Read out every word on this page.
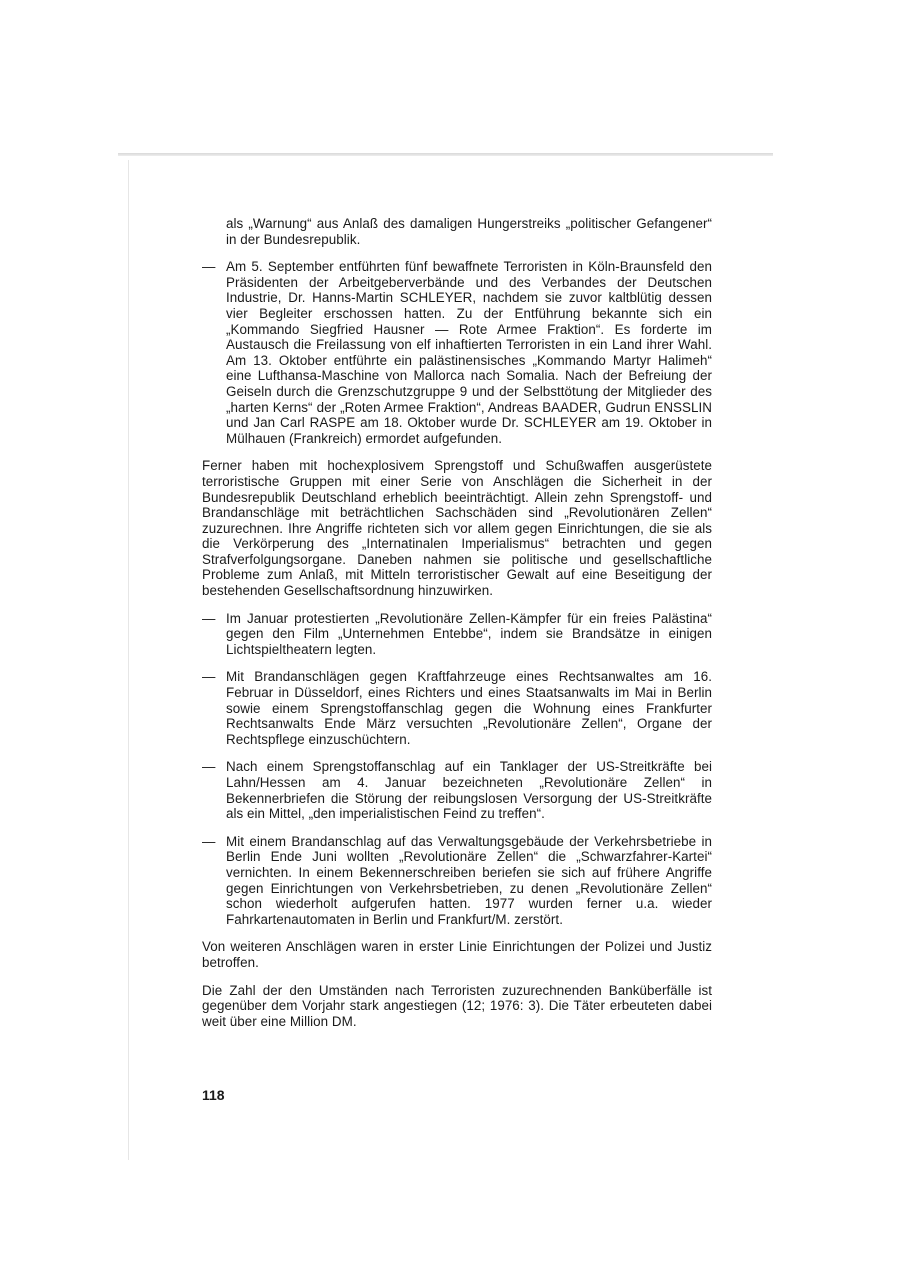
als „Warnung“ aus Anlaß des damaligen Hungerstreiks „politischer Gefangener“ in der Bundesrepublik.

— Am 5. September entführten fünf bewaffnete Terroristen in Köln-Braunsfeld den Präsidenten der Arbeitgeberverbände und des Verbandes der Deutschen Industrie, Dr. Hanns-Martin SCHLEYER, nachdem sie zuvor kaltblütig dessen vier Begleiter erschossen hatten. Zu der Entführung bekannte sich ein „Kommando Siegfried Hausner — Rote Armee Fraktion“. Es forderte im Austausch die Freilassung von elf inhaftierten Terroristen in ein Land ihrer Wahl. Am 13. Oktober entführte ein palästinensisches „Kommando Martyr Halimeh“ eine Lufthansa-Maschine von Mallorca nach Somalia. Nach der Befreiung der Geiseln durch die Grenzschutzgruppe 9 und der Selbsttötung der Mitglieder des „harten Kerns“ der „Roten Armee Fraktion“, Andreas BAADER, Gudrun ENSSLIN und Jan Carl RASPE am 18. Oktober wurde Dr. SCHLEYER am 19. Oktober in Mülhauen (Frankreich) ermordet aufgefunden.

Ferner haben mit hochexplosivem Sprengstoff und Schußwaffen ausgerüstete terroristische Gruppen mit einer Serie von Anschlägen die Sicherheit in der Bundesrepublik Deutschland erheblich beeinträchtigt. Allein zehn Sprengstoff- und Brandanschläge mit beträchtlichen Sachschäden sind „Revolutionären Zellen“ zuzurechnen. Ihre Angriffe richteten sich vor allem gegen Einrichtungen, die sie als die Verkörperung des „Internatinalen Imperialismus“ betrachten und gegen Strafverfolgungsorgane. Daneben nahmen sie politische und gesellschaftliche Probleme zum Anlaß, mit Mitteln terroristischer Gewalt auf eine Beseitigung der bestehenden Gesellschaftsordnung hinzuwirken.

— Im Januar protestierten „Revolutionäre Zellen-Kämpfer für ein freies Palästina“ gegen den Film „Unternehmen Entebbe“, indem sie Brandsätze in einigen Lichtspieltheatern legten.
— Mit Brandanschlägen gegen Kraftfahrzeuge eines Rechtsanwaltes am 16. Februar in Düsseldorf, eines Richters und eines Staatsanwalts im Mai in Berlin sowie einem Sprengstoffanschlag gegen die Wohnung eines Frankfurter Rechtsanwalts Ende März versuchten „Revolutionäre Zellen“, Organe der Rechtspflege einzuschüchtern.
— Nach einem Sprengstoffanschlag auf ein Tanklager der US-Streitkräfte bei Lahn/Hessen am 4. Januar bezeichneten „Revolutionäre Zellen“ in Bekennerbriefen die Störung der reibungslosen Versorgung der US-Streitkräfte als ein Mittel, „den imperialistischen Feind zu treffen“.
— Mit einem Brandanschlag auf das Verwaltungsgebäude der Verkehrsbetriebe in Berlin Ende Juni wollten „Revolutionäre Zellen“ die „Schwarzfahrer-Kartei“ vernichten. In einem Bekennerschreiben beriefen sie sich auf frühere Angriffe gegen Einrichtungen von Verkehrsbetrieben, zu denen „Revolutionäre Zellen“ schon wiederholt aufgerufen hatten. 1977 wurden ferner u.a. wieder Fahrkartenautomaten in Berlin und Frankfurt/M. zerstört.

Von weiteren Anschlägen waren in erster Linie Einrichtungen der Polizei und Justiz betroffen.

Die Zahl der den Umständen nach Terroristen zuzurechnenden Banküberfälle ist gegenüber dem Vorjahr stark angestiegen (12; 1976: 3). Die Täter erbeuteten dabei weit über eine Million DM.

118
